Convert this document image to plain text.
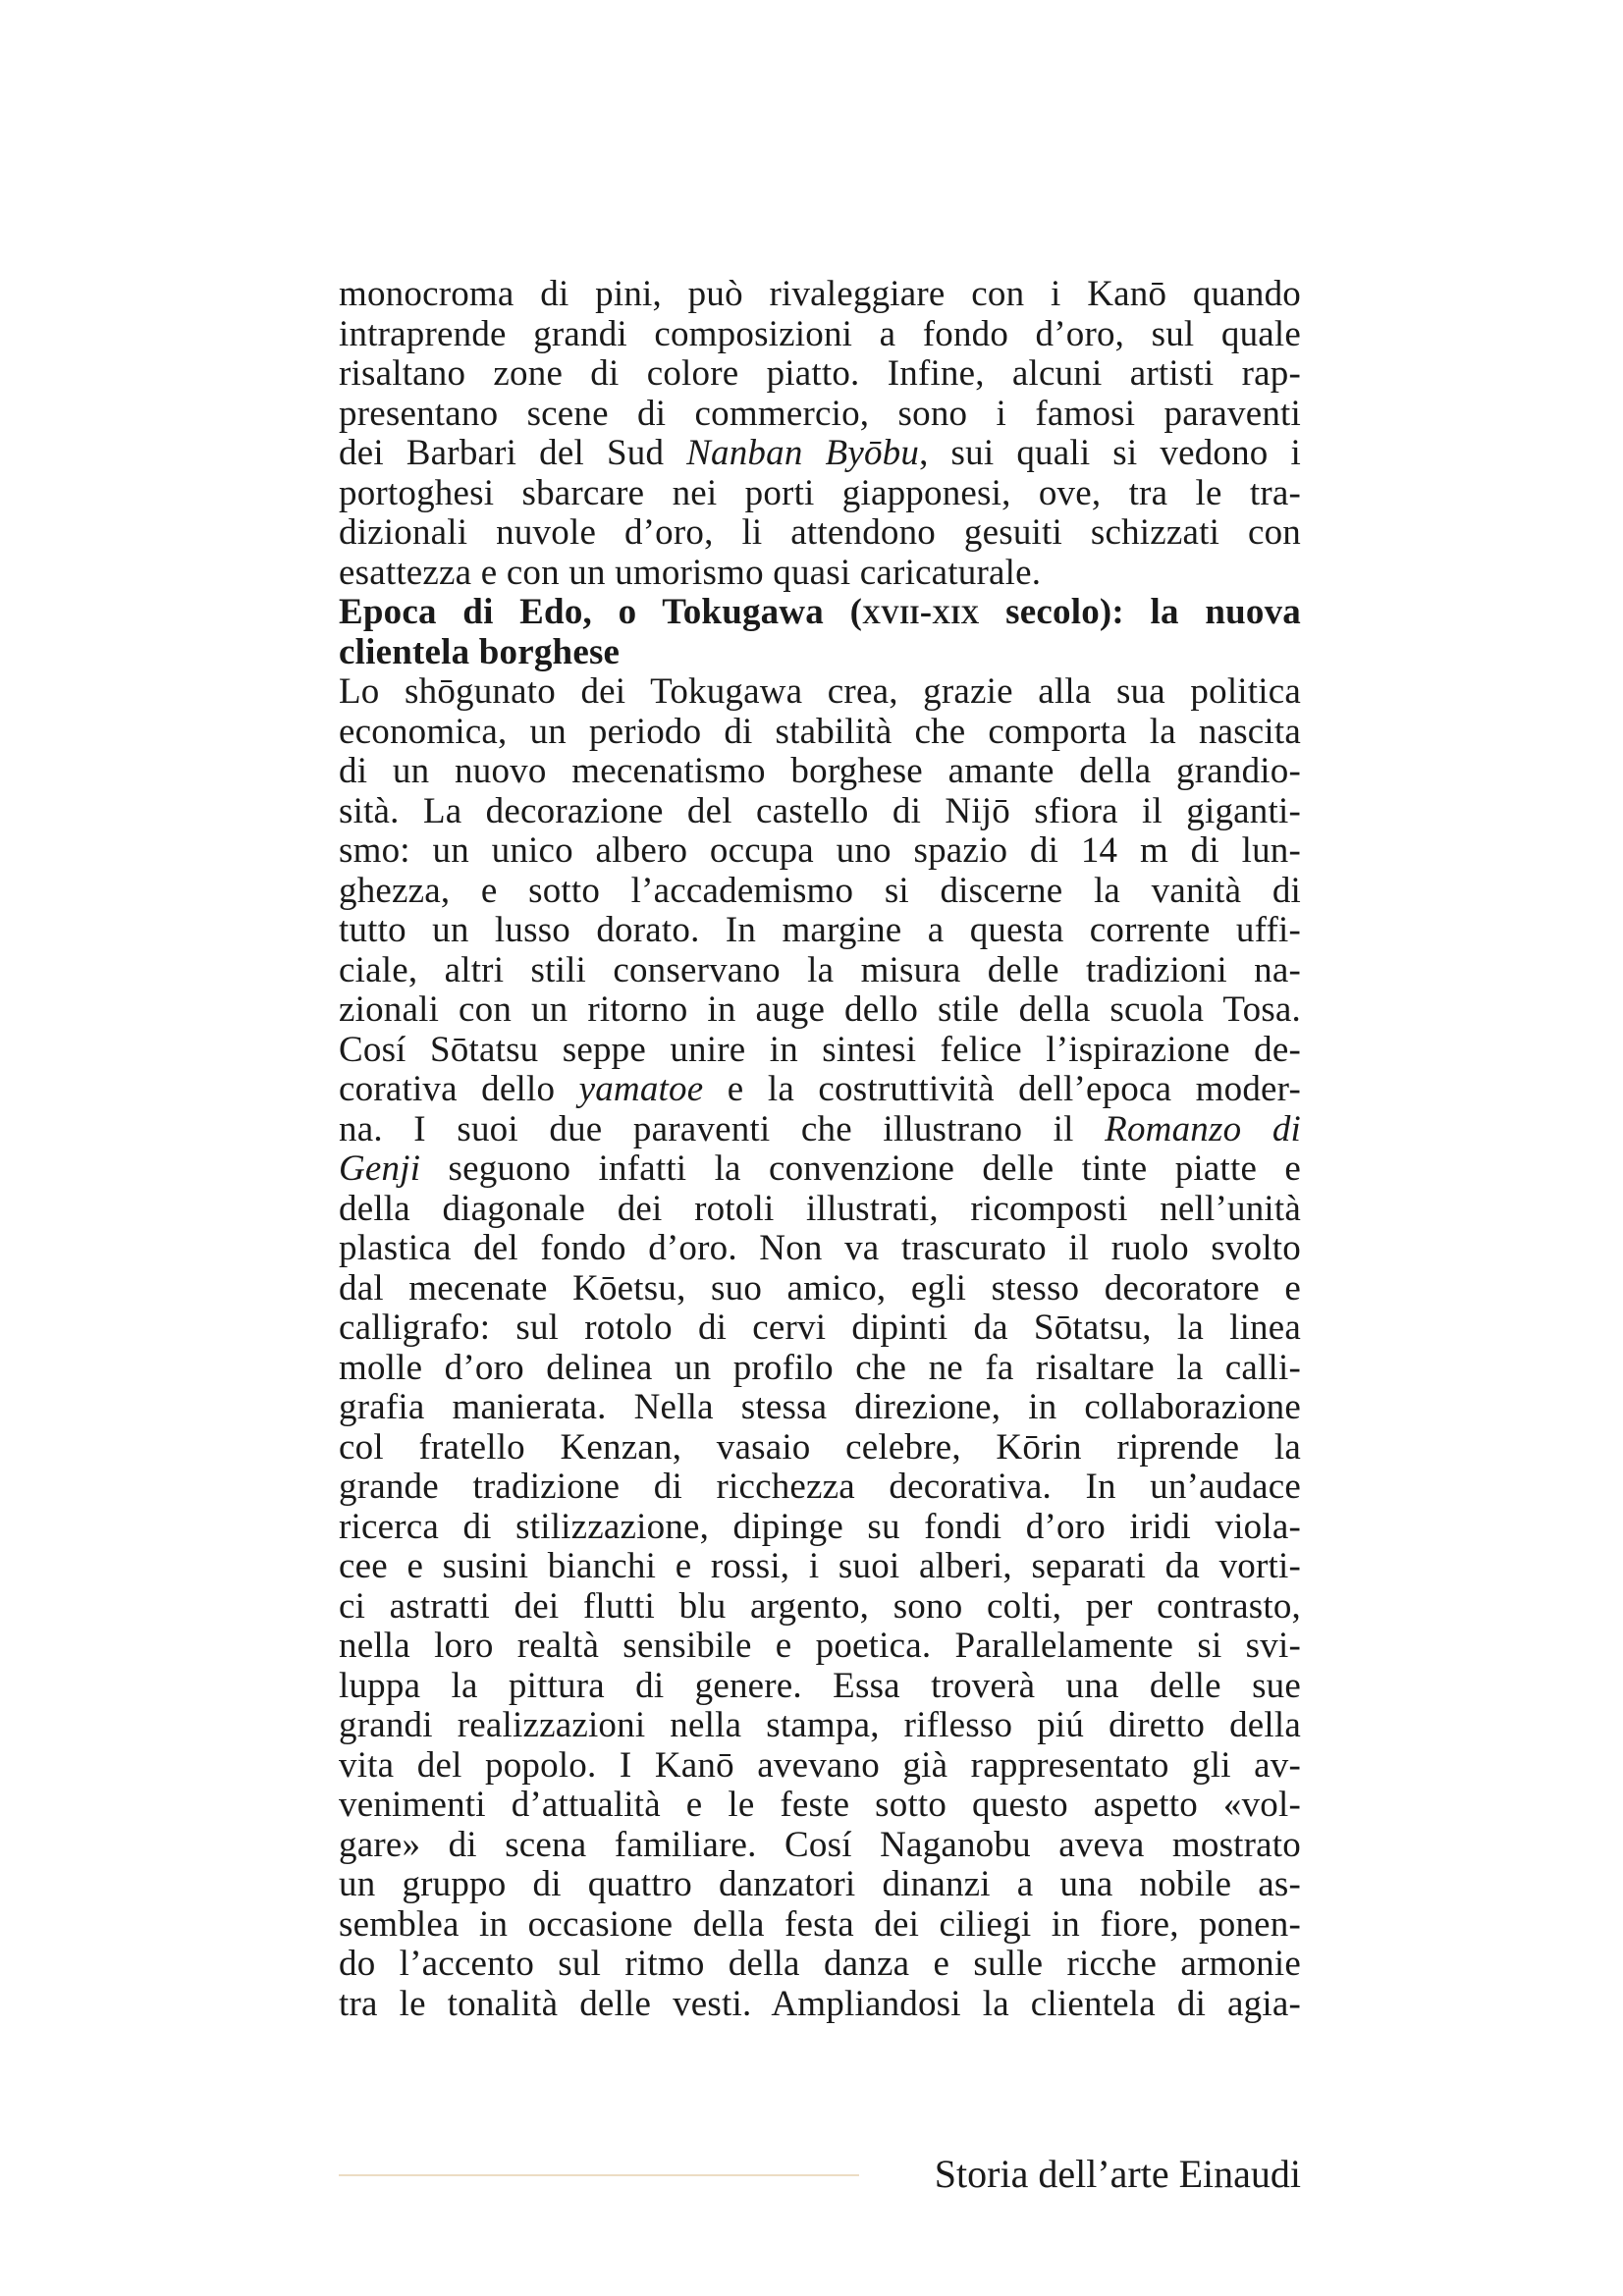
monocroma di pini, può rivaleggiare con i Kanō quando
intraprende grandi composizioni a fondo d’oro, sul quale
risaltano zone di colore piatto. Infine, alcuni artisti rap-
presentano scene di commercio, sono i famosi paraventi
dei Barbari del Sud Nanban Byōbu, sui quali si vedono i
portoghesi sbarcare nei porti giapponesi, ove, tra le tra-
dizionali nuvole d’oro, li attendono gesuiti schizzati con
esattezza e con un umorismo quasi caricaturale.
Epoca di Edo, o Tokugawa (xvii-xix secolo): la nuova
clientela borghese
Lo shōgunato dei Tokugawa crea, grazie alla sua politica
economica, un periodo di stabilità che comporta la nascita
di un nuovo mecenatismo borghese amante della grandio-
sità. La decorazione del castello di Nijō sfiora il giganti-
smo: un unico albero occupa uno spazio di 14 m di lun-
ghezza, e sotto l’accademismo si discerne la vanità di
tutto un lusso dorato. In margine a questa corrente uffi-
ciale, altri stili conservano la misura delle tradizioni na-
zionali con un ritorno in auge dello stile della scuola Tosa.
Cosí Sōtatsu seppe unire in sintesi felice l’ispirazione de-
corativa dello yamatoe e la costruttività dell’epoca moder-
na. I suoi due paraventi che illustrano il Romanzo di
Genji seguono infatti la convenzione delle tinte piatte e
della diagonale dei rotoli illustrati, ricomposti nell’unità
plastica del fondo d’oro. Non va trascurato il ruolo svolto
dal mecenate Kōetsu, suo amico, egli stesso decoratore e
calligrafo: sul rotolo di cervi dipinti da Sōtatsu, la linea
molle d’oro delinea un profilo che ne fa risaltare la calli-
grafia manierata. Nella stessa direzione, in collaborazione
col fratello Kenzan, vasaio celebre, Kōrin riprende la
grande tradizione di ricchezza decorativa. In un’audace
ricerca di stilizzazione, dipinge su fondi d’oro iridi viola-
cee e susini bianchi e rossi, i suoi alberi, separati da vorti-
ci astratti dei flutti blu argento, sono colti, per contrasto,
nella loro realtà sensibile e poetica. Parallelamente si svi-
luppa la pittura di genere. Essa troverà una delle sue
grandi realizzazioni nella stampa, riflesso piú diretto della
vita del popolo. I Kanō avevano già rappresentato gli av-
venimenti d’attualità e le feste sotto questo aspetto «vol-
gare» di scena familiare. Cosí Naganobu aveva mostrato
un gruppo di quattro danzatori dinanzi a una nobile as-
semblea in occasione della festa dei ciliegi in fiore, ponen-
do l’accento sul ritmo della danza e sulle ricche armonie
tra le tonalità delle vesti. Ampliandosi la clientela di agia-
Storia dell’arte Einaudi
